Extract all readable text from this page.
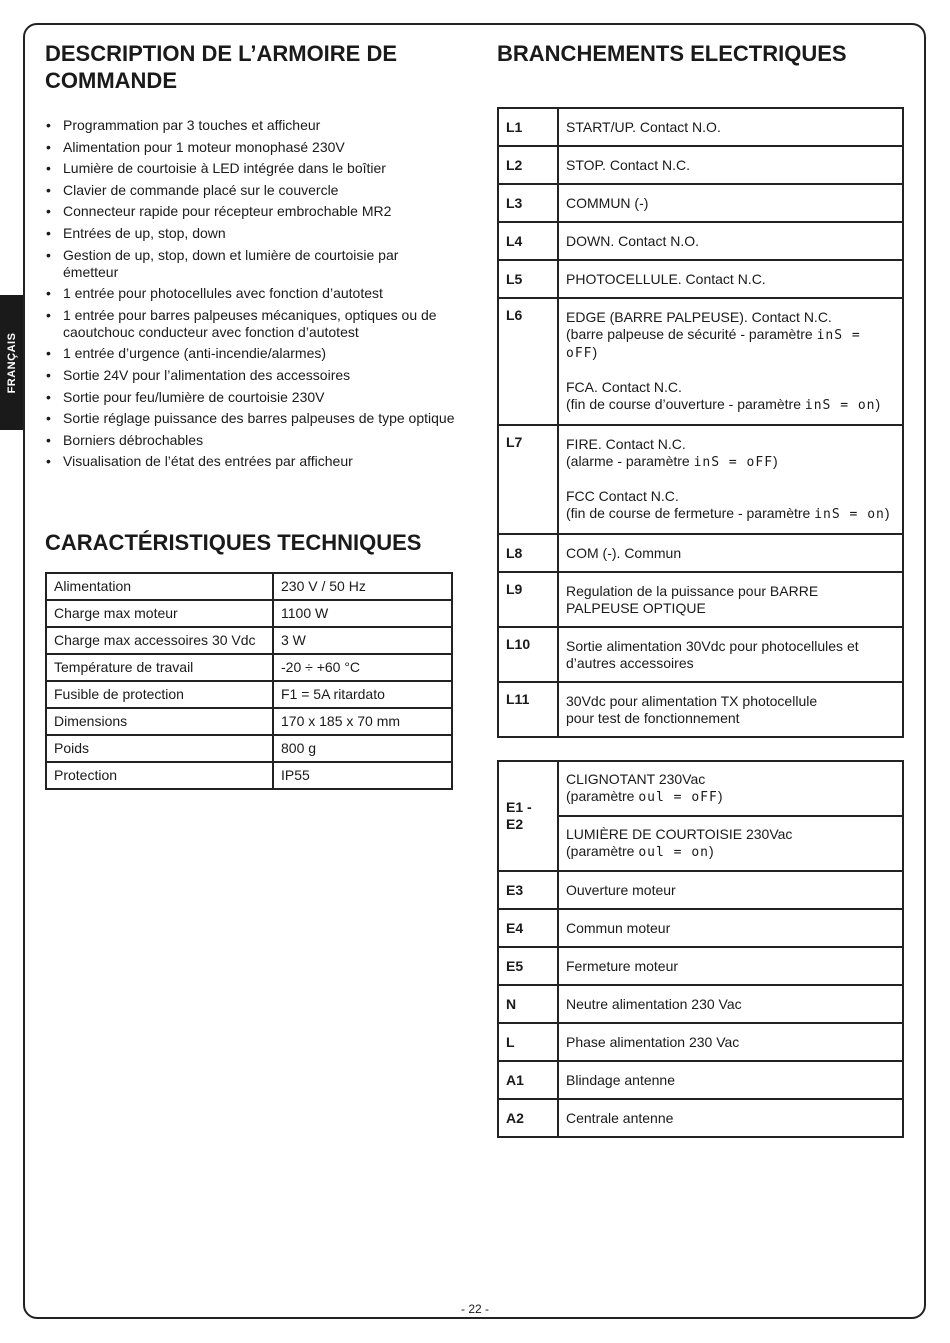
FRANÇAIS
DESCRIPTION DE L’ARMOIRE DE COMMANDE
• Programmation par 3 touches et afficheur
• Alimentation pour 1 moteur monophasé 230V
• Lumière de courtoisie à LED intégrée dans le boîtier
• Clavier de commande placé sur le couvercle
• Connecteur rapide pour récepteur embrochable MR2
• Entrées de up, stop, down
• Gestion de up, stop, down et lumière de courtoisie par émetteur
• 1 entrée pour photocellules avec fonction d’autotest
• 1 entrée pour barres palpeuses mécaniques, optiques ou de caoutchouc conducteur avec fonction d’autotest
• 1 entrée d’urgence (anti-incendie/alarmes)
• Sortie 24V pour l’alimentation des accessoires
• Sortie pour feu/lumière de courtoisie 230V
• Sortie réglage puissance des barres palpeuses de type optique
• Borniers débrochables
• Visualisation de l’état des entrées par afficheur
CARACTÉRISTIQUES TECHNIQUES
Alimentation	230 V / 50 Hz
Charge max moteur	1100 W
Charge max accessoires 30 Vdc	3 W
Température de travail	-20 ÷ +60 °C
Fusible de protection	F1 = 5A ritardato
Dimensions	170 x 185 x 70 mm
Poids	800 g
Protection	IP55
BRANCHEMENTS ELECTRIQUES
L1	START/UP. Contact N.O.
L2	STOP. Contact N.C.
L3	COMMUN (-)
L4	DOWN. Contact N.O.
L5	PHOTOCELLULE. Contact N.C.
L6	EDGE (BARRE PALPEUSE). Contact N.C.
(barre palpeuse de sécurité - paramètre inS = oFF)
FCA. Contact N.C.
(fin de course d’ouverture - paramètre inS = on)
L7	FIRE. Contact N.C.
(alarme - paramètre inS = oFF)
FCC Contact N.C.
(fin de course de fermeture - paramètre inS = on)
L8	COM (-). Commun
L9	Regulation de la puissance pour BARRE PALPEUSE OPTIQUE
L10	Sortie alimentation 30Vdc pour photocellules et
d’autres accessoires
L11	30Vdc pour alimentation TX photocellule
pour test de fonctionnement
E1 - E2	CLIGNOTANT 230Vac
(paramètre oul = oFF)
	LUMIÈRE DE COURTOISIE 230Vac
(paramètre oul = on)
E3	Ouverture moteur
E4	Commun moteur
E5	Fermeture moteur
N	Neutre alimentation 230 Vac
L	Phase alimentation 230 Vac
A1	Blindage antenne
A2	Centrale antenne
- 22 -
